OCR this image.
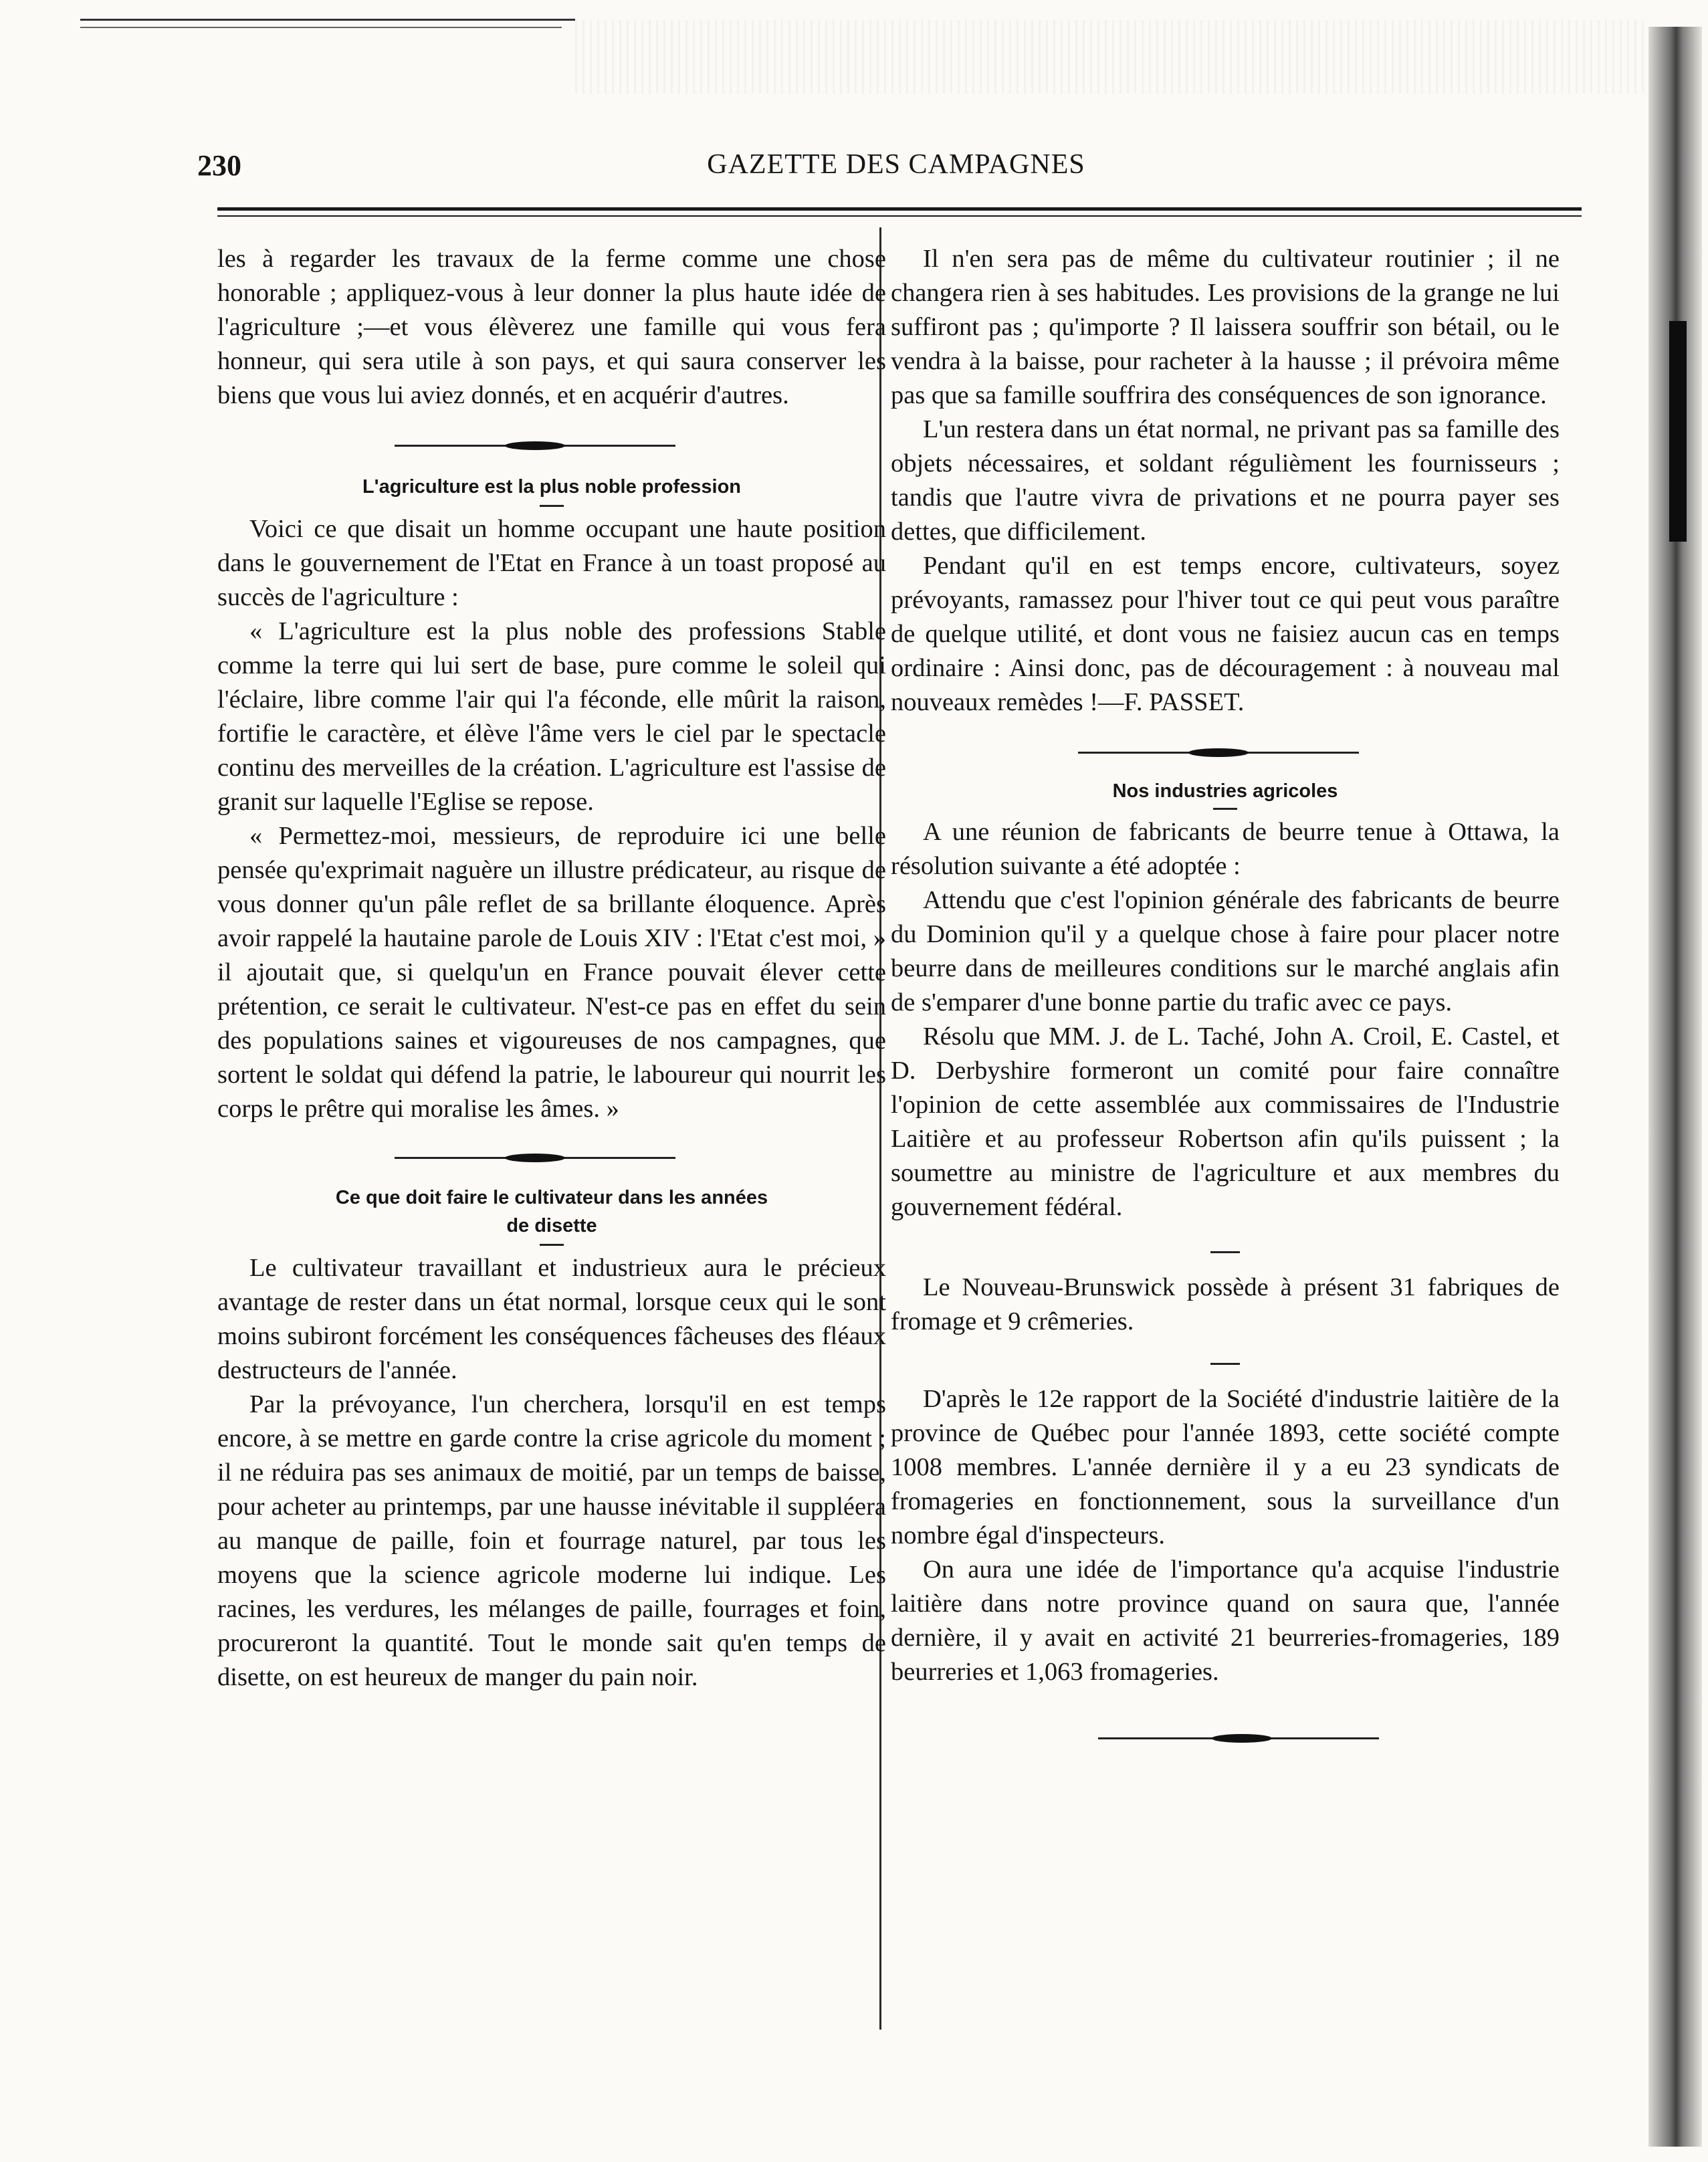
230	GAZETTE DES CAMPAGNES

les à regarder les travaux de la ferme comme une chose honorable ; appliquez-vous à leur donner la plus haute idée de l'agriculture ;—et vous élèverez une famille qui vous fera honneur, qui sera utile à son pays, et qui saura conserver les biens que vous lui aviez donnés, et en acquérir d'autres.

L'agriculture est la plus noble profession

Voici ce que disait un homme occupant une haute position dans le gouvernement de l'Etat en France à un toast proposé au succès de l'agriculture :

« L'agriculture est la plus noble des professions Stable comme la terre qui lui sert de base, pure comme le soleil qui l'éclaire, libre comme l'air qui l'a féconde, elle mûrit la raison, fortifie le caractère, et élève l'âme vers le ciel par le spectacle continu des merveilles de la création. L'agriculture est l'assise de granit sur laquelle l'Eglise se repose.

« Permettez-moi, messieurs, de reproduire ici une belle pensée qu'exprimait naguère un illustre prédicateur, au risque de vous donner qu'un pâle reflet de sa brillante éloquence. Après avoir rappelé la hautaine parole de Louis XIV : l'Etat c'est moi, » il ajoutait que, si quelqu'un en France pouvait élever cette prétention, ce serait le cultivateur. N'est-ce pas en effet du sein des populations saines et vigoureuses de nos campagnes, que sortent le soldat qui défend la patrie, le laboureur qui nourrit les corps le prêtre qui moralise les âmes. »

Ce que doit faire le cultivateur dans les années
de disette

Le cultivateur travaillant et industrieux aura le précieux avantage de rester dans un état normal, lorsque ceux qui le sont moins subiront forcément les conséquences fâcheuses des fléaux destructeurs de l'année.

Par la prévoyance, l'un cherchera, lorsqu'il en est temps encore, à se mettre en garde contre la crise agricole du moment ; il ne réduira pas ses animaux de moitié, par un temps de baisse, pour acheter au printemps, par une hausse inévitable il suppléera au manque de paille, foin et fourrage naturel, par tous les moyens que la science agricole moderne lui indique. Les racines, les verdures, les mélanges de paille, fourrages et foin, procureront la quantité. Tout le monde sait qu'en temps de disette, on est heureux de manger du pain noir.

Il n'en sera pas de même du cultivateur routinier ; il ne changera rien à ses habitudes. Les provisions de la grange ne lui suffiront pas ; qu'importe ? Il laissera souffrir son bétail, ou le vendra à la baisse, pour racheter à la hausse ; il prévoira même pas que sa famille souffrira des conséquences de son ignorance.

L'un restera dans un état normal, ne privant pas sa famille des objets nécessaires, et soldant régulièment les fournisseurs ; tandis que l'autre vivra de privations et ne pourra payer ses dettes, que difficilement.

Pendant qu'il en est temps encore, cultivateurs, soyez prévoyants, ramassez pour l'hiver tout ce qui peut vous paraître de quelque utilité, et dont vous ne faisiez aucun cas en temps ordinaire : Ainsi donc, pas de découragement : à nouveau mal nouveaux remèdes !—F. PASSET.

Nos industries agricoles

A une réunion de fabricants de beurre tenue à Ottawa, la résolution suivante a été adoptée :

Attendu que c'est l'opinion générale des fabricants de beurre du Dominion qu'il y a quelque chose à faire pour placer notre beurre dans de meilleures conditions sur le marché anglais afin de s'emparer d'une bonne partie du trafic avec ce pays.

Résolu que MM. J. de L. Taché, John A. Croil, E. Castel, et D. Derbyshire formeront un comité pour faire connaître l'opinion de cette assemblée aux commissaires de l'Industrie Laitière et au professeur Robertson afin qu'ils puissent ; la soumettre au ministre de l'agriculture et aux membres du gouvernement fédéral.

Le Nouveau-Brunswick possède à présent 31 fabriques de fromage et 9 crêmeries.

D'après le 12e rapport de la Société d'industrie laitière de la province de Québec pour l'année 1893, cette société compte 1008 membres. L'année dernière il y a eu 23 syndicats de fromageries en fonctionnement, sous la surveillance d'un nombre égal d'inspecteurs.

On aura une idée de l'importance qu'a acquise l'industrie laitière dans notre province quand on saura que, l'année dernière, il y avait en activité 21 beurreries-fromageries, 189 beurreries et 1,063 fromageries.
